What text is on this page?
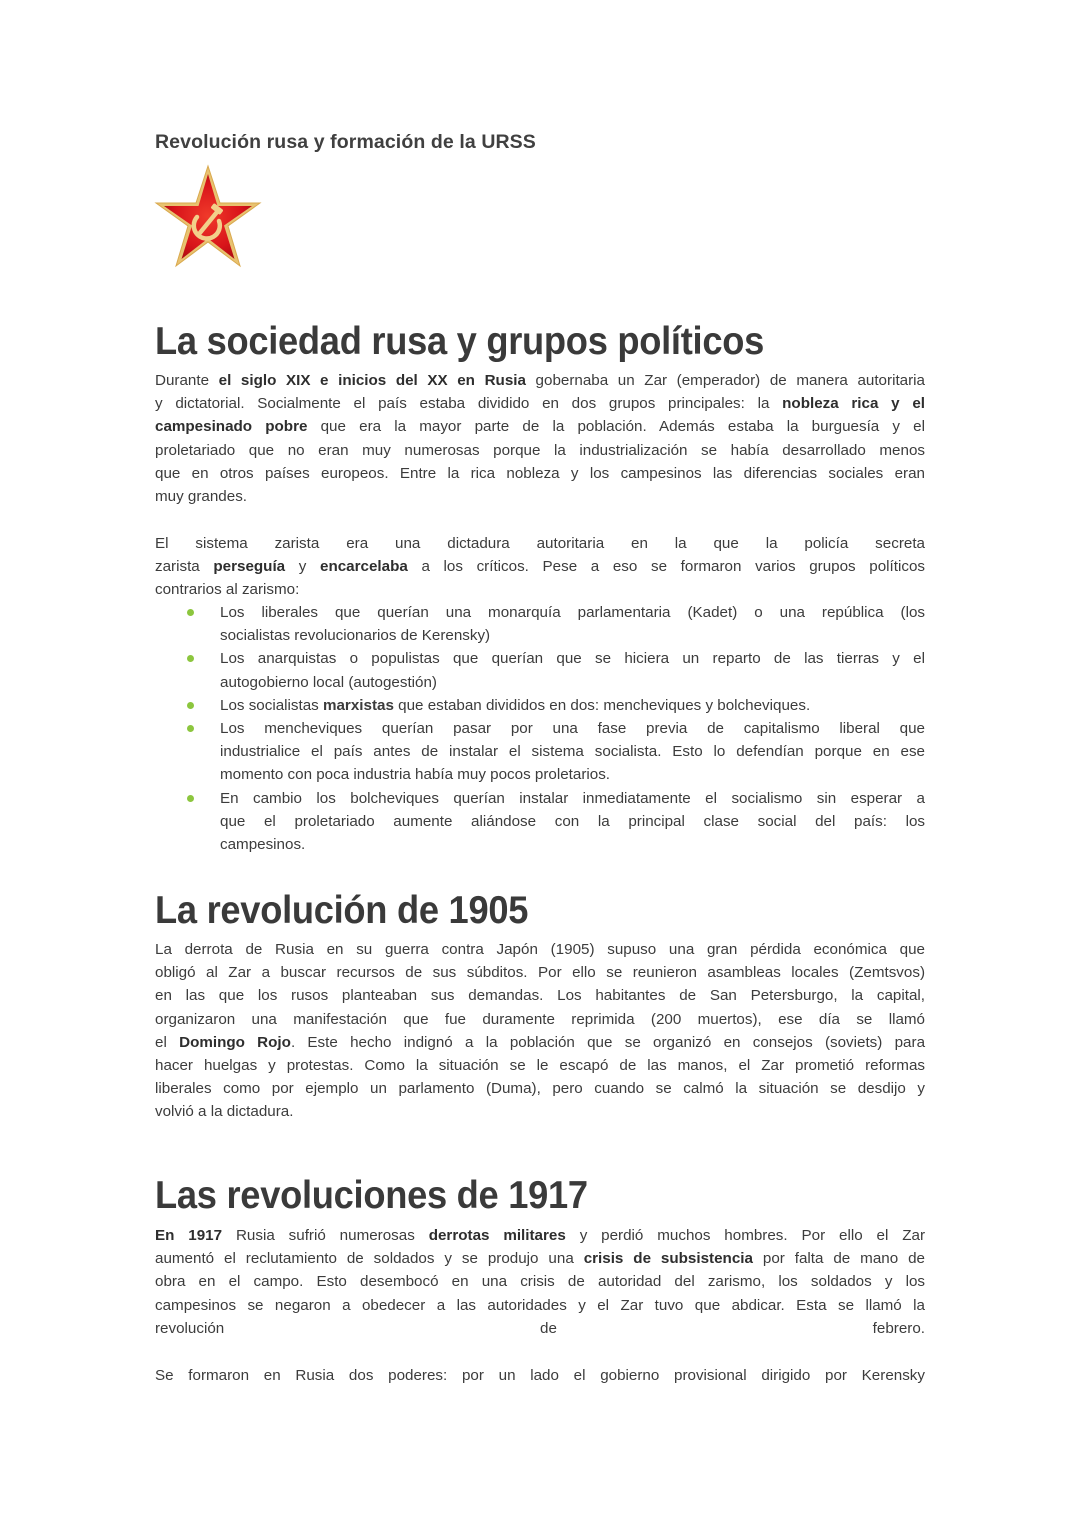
Revolución rusa y formación de la URSS
La sociedad rusa y grupos políticos
Durante el siglo XIX e inicios del XX en Rusia gobernaba un Zar (emperador) de manera autoritaria
y dictatorial. Socialmente el país estaba dividido en dos grupos principales: la nobleza rica y el
campesinado pobre que era la mayor parte de la población. Además estaba la burguesía y el
proletariado que no eran muy numerosas porque la industrialización se había desarrollado menos
que en otros países europeos. Entre la rica nobleza y los campesinos las diferencias sociales eran
muy grandes.
El sistema zarista era una dictadura autoritaria en la que la policía secreta
zarista perseguía y encarcelaba a los críticos. Pese a eso se formaron varios grupos políticos
contrarios al zarismo:
Los liberales que querían una monarquía parlamentaria (Kadet) o una república (los
socialistas revolucionarios de Kerensky)
Los anarquistas o populistas que querían que se hiciera un reparto de las tierras y el
autogobierno local (autogestión)
Los socialistas marxistas que estaban divididos en dos: mencheviques y bolcheviques.
Los mencheviques querían pasar por una fase previa de capitalismo liberal que
industrialice el país antes de instalar el sistema socialista. Esto lo defendían porque en ese
momento con poca industria había muy pocos proletarios.
En cambio los bolcheviques querían instalar inmediatamente el socialismo sin esperar a
que el proletariado aumente aliándose con la principal clase social del país: los
campesinos.
La revolución de 1905
La derrota de Rusia en su guerra contra Japón (1905) supuso una gran pérdida económica que
obligó al Zar a buscar recursos de sus súbditos. Por ello se reunieron asambleas locales (Zemtsvos)
en las que los rusos planteaban sus demandas. Los habitantes de San Petersburgo, la capital,
organizaron una manifestación que fue duramente reprimida (200 muertos), ese día se llamó
el Domingo Rojo. Este hecho indignó a la población que se organizó en consejos (soviets) para
hacer huelgas y protestas. Como la situación se le escapó de las manos, el Zar prometió reformas
liberales como por ejemplo un parlamento (Duma), pero cuando se calmó la situación se desdijo y
volvió a la dictadura.
Las revoluciones de 1917
En 1917 Rusia sufrió numerosas derrotas militares y perdió muchos hombres. Por ello el Zar
aumentó el reclutamiento de soldados y se produjo una crisis de subsistencia por falta de mano de
obra en el campo. Esto desembocó en una crisis de autoridad del zarismo, los soldados y los
campesinos se negaron a obedecer a las autoridades y el Zar tuvo que abdicar. Esta se llamó la
revolución de febrero.
Se formaron en Rusia dos poderes: por un lado el gobierno provisional dirigido por Kerensky
